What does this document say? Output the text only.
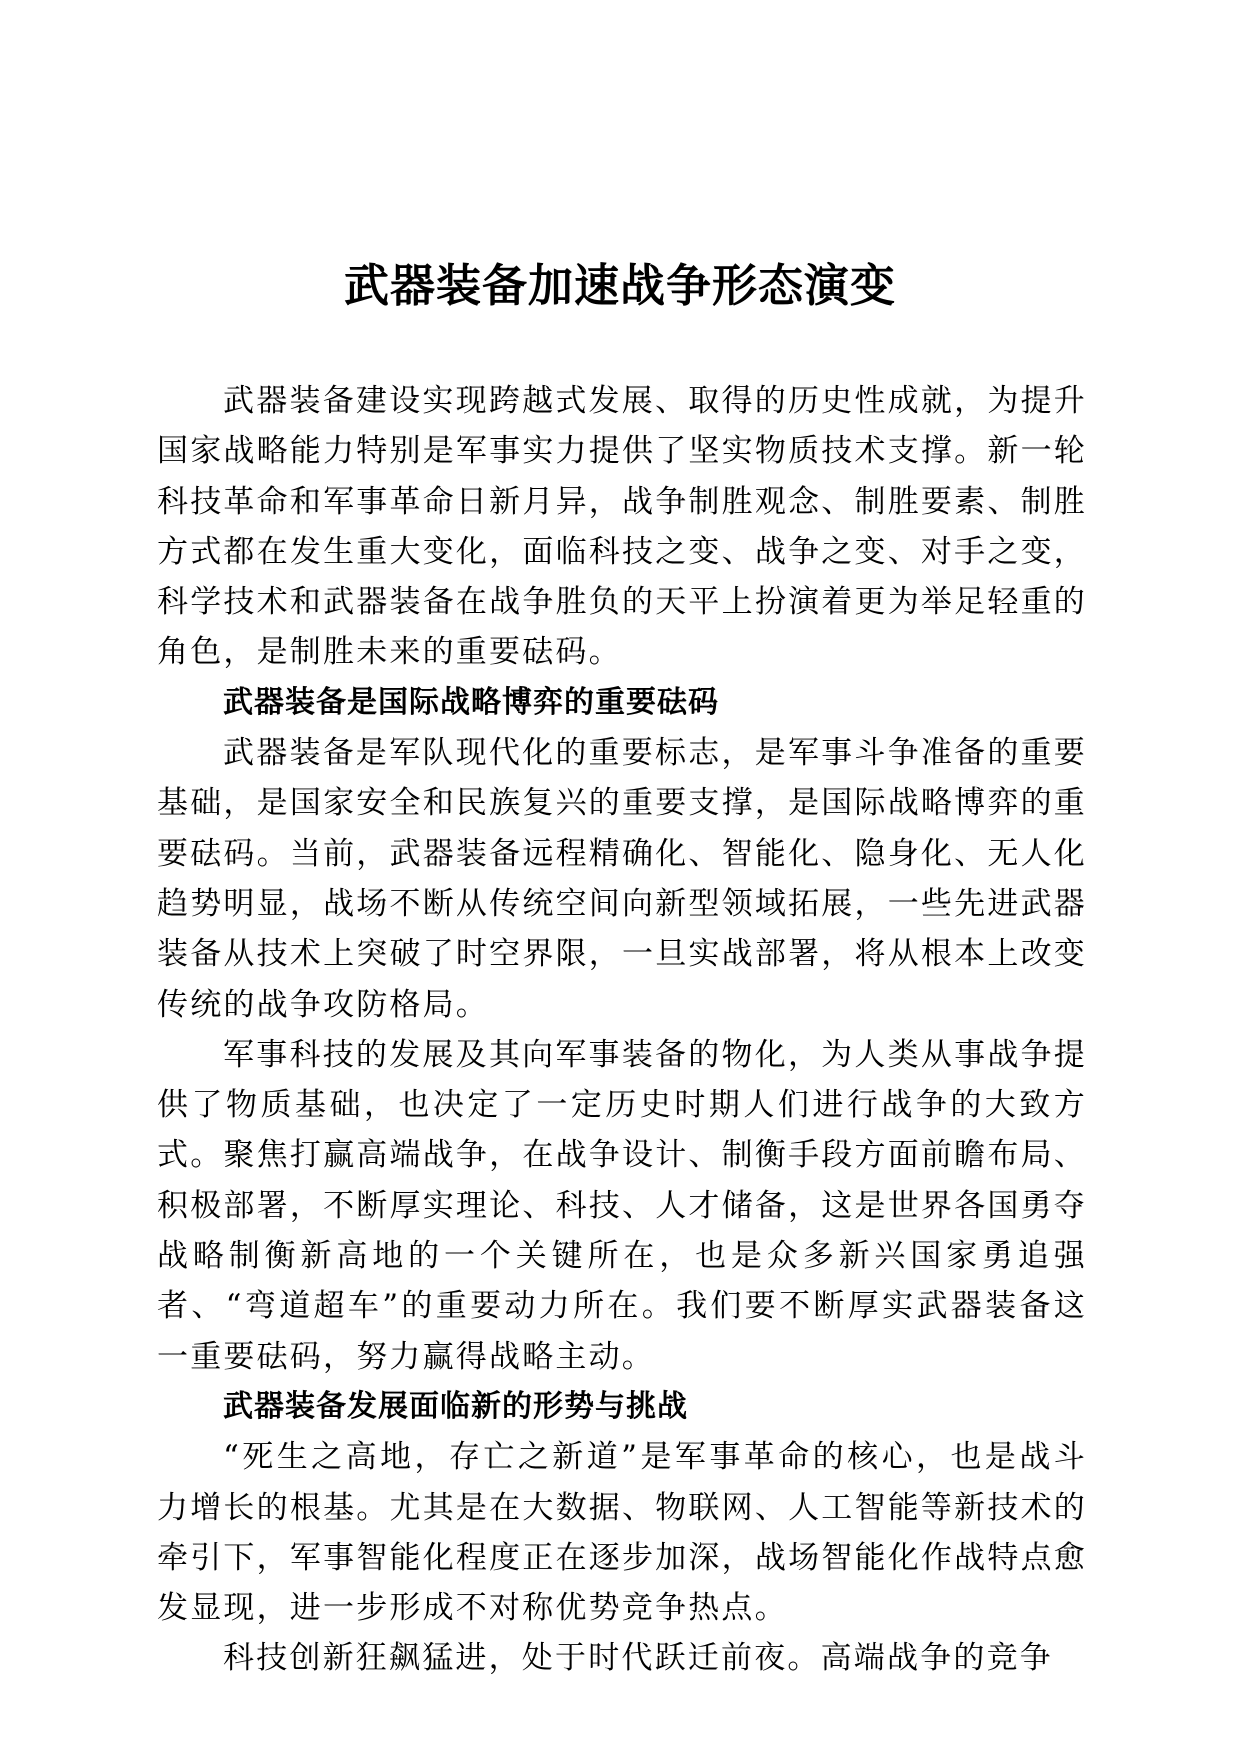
武器装备加速战争形态演变

武器装备建设实现跨越式发展、取得的历史性成就，为提升国家战略能力特别是军事实力提供了坚实物质技术支撑。新一轮科技革命和军事革命日新月异，战争制胜观念、制胜要素、制胜方式都在发生重大变化，面临科技之变、战争之变、对手之变，科学技术和武器装备在战争胜负的天平上扮演着更为举足轻重的角色，是制胜未来的重要砝码。

武器装备是国际战略博弈的重要砝码

武器装备是军队现代化的重要标志，是军事斗争准备的重要基础，是国家安全和民族复兴的重要支撑，是国际战略博弈的重要砝码。当前，武器装备远程精确化、智能化、隐身化、无人化趋势明显，战场不断从传统空间向新型领域拓展，一些先进武器装备从技术上突破了时空界限，一旦实战部署，将从根本上改变传统的战争攻防格局。

军事科技的发展及其向军事装备的物化，为人类从事战争提供了物质基础，也决定了一定历史时期人们进行战争的大致方式。聚焦打赢高端战争，在战争设计、制衡手段方面前瞻布局、积极部署，不断厚实理论、科技、人才储备，这是世界各国勇夺战略制衡新高地的一个关键所在，也是众多新兴国家勇追强者、“弯道超车”的重要动力所在。我们要不断厚实武器装备这一重要砝码，努力赢得战略主动。

武器装备发展面临新的形势与挑战

“死生之高地，存亡之新道”是军事革命的核心，也是战斗力增长的根基。尤其是在大数据、物联网、人工智能等新技术的牵引下，军事智能化程度正在逐步加深，战场智能化作战特点愈发显现，进一步形成不对称优势竞争热点。

科技创新狂飙猛进，处于时代跃迁前夜。高端战争的竞争
